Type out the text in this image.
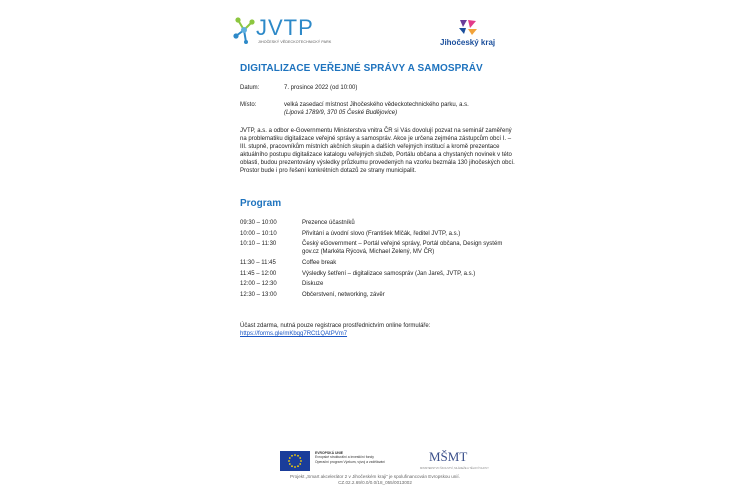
JVTP
JIHOČESKÝ VĚDECKOTECHNICKÝ PARK	Jihočeský kraj
DIGITALIZACE VEŘEJNÉ SPRÁVY A SAMOSPRÁV
Datum:	7. prosince 2022 (od 10:00)
Místo:	velká zasedací místnost Jihočeského vědeckotechnického parku, a.s.
(Lipová 1789/9, 370 05 České Budějovice)

JVTP, a.s. a odbor e-Governmentu Ministerstva vnitra ČR si Vás dovolují pozvat na seminář zaměřený na problematiku digitalizace veřejné správy a samospráv. Akce je určena zejména zástupcům obcí I. – III. stupně, pracovníkům místních akčních skupin a dalších veřejných institucí a kromě prezentace aktuálního postupu digitalizace katalogu veřejných služeb, Portálu občana a chystaných novinek v této oblasti, budou prezentovány výsledky průzkumu provedených na vzorku bezmála 130 jihočeských obcí. Prostor bude i pro řešení konkrétních dotazů ze strany municipalit.

Program
09:30 – 10:00	Prezence účastníků
10:00 – 10:10	Přivítání a úvodní slovo (František Mlčák, ředitel JVTP, a.s.)
10:10 – 11:30	Český eGovernment – Portál veřejné správy, Portál občana, Design systém gov.cz (Markéta Rýcová, Michael Zelený, MV ČR)
11:30 – 11:45	Coffee break
11:45 – 12:00	Výsledky šetření – digitalizace samospráv (Jan Jareš, JVTP, a.s.)
12:00 – 12:30	Diskuze
12:30 – 13:00	Občerstvení, networking, závěr
Účast zdarma, nutná pouze registrace prostřednictvím online formuláře:
https://forms.gle/mKbqg7RCt1QAtPVm7
EVROPSKÁ UNIE
Evropské strukturální a investiční fondy
Operační program Výzkum, vývoj a vzdělávání	MŠMT
MINISTERSTVO ŠKOLSTVÍ, MLÁDEŽE A TĚLOVÝCHOVY
Projekt „Smart akcelerátor 2 v Jihočeském kraji" je spolufinancován Evropskou unií.
CZ.02.2.69/0.0/0.0/18_055/0013002
